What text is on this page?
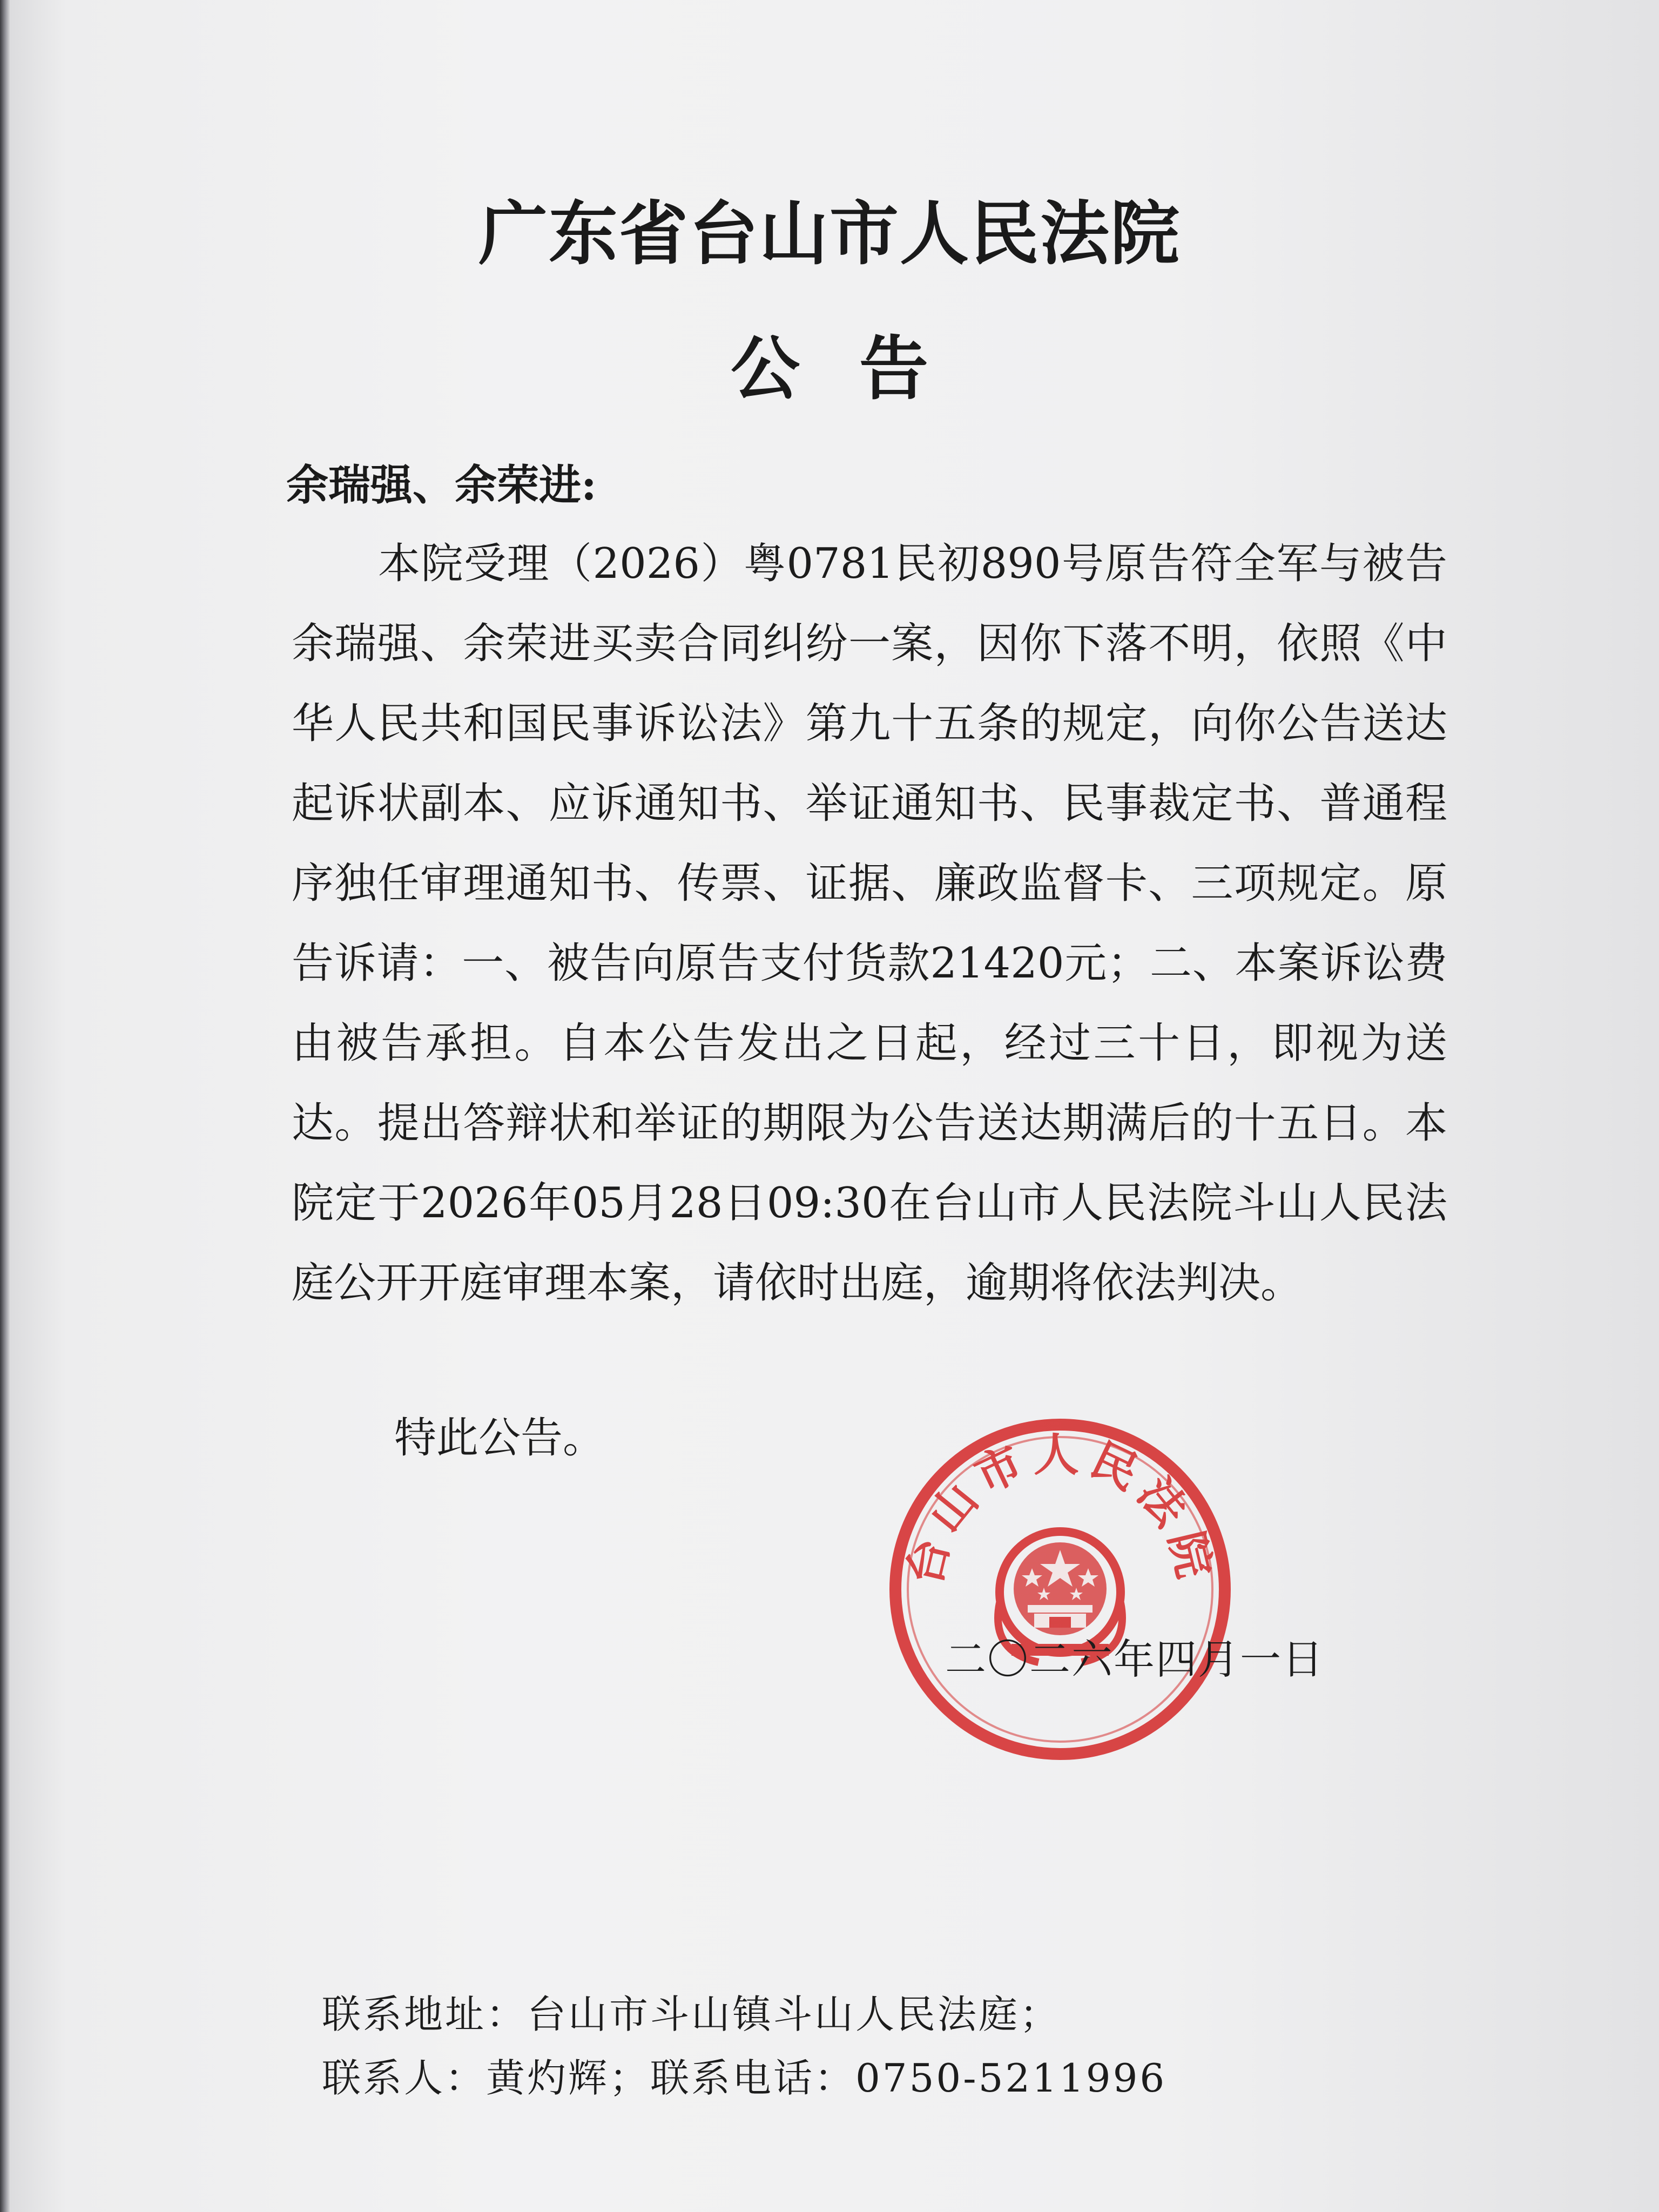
广东省台山市人民法院
公告
余瑞强、余荣进:
本院受理（2026）粤0781民初890号原告符全军与被告余瑞强、余荣进买卖合同纠纷一案，因你下落不明，依照《中华人民共和国民事诉讼法》第九十五条的规定，向你公告送达起诉状副本、应诉通知书、举证通知书、民事裁定书、普通程序独任审理通知书、传票、证据、廉政监督卡、三项规定。原告诉请：一、被告向原告支付货款21420元；二、本案诉讼费由被告承担。自本公告发出之日起，经过三十日，即视为送达。提出答辩状和举证的期限为公告送达期满后的十五日。本院定于2026年05月28日09:30在台山市人民法院斗山人民法庭公开开庭审理本案，请依时出庭，逾期将依法判决。
特此公告。
台山市人民法院
二〇二六年四月一日
联系地址：台山市斗山镇斗山人民法庭；
联系人：黄灼辉；联系电话：0750-5211996
